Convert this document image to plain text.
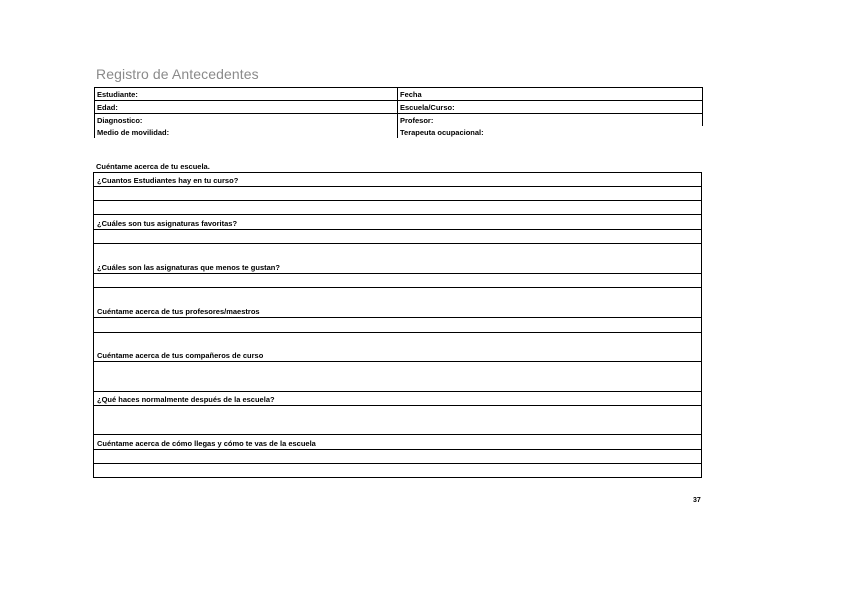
Registro de Antecedentes
Estudiante:	Fecha
Edad:	Escuela/Curso:
Diagnostico:	Profesor:
Medio de movilidad:	Terapeuta ocupacional:
Cuéntame acerca de tu escuela.
¿Cuantos Estudiantes hay en tu curso?

¿Cuáles son tus asignaturas favoritas?

¿Cuáles son las asignaturas que menos te gustan?

Cuéntame acerca de tus profesores/maestros

Cuéntame acerca de tus compañeros de curso

¿Qué haces normalmente después de la escuela?

Cuéntame acerca de cómo llegas y cómo te vas de la escuela

37
